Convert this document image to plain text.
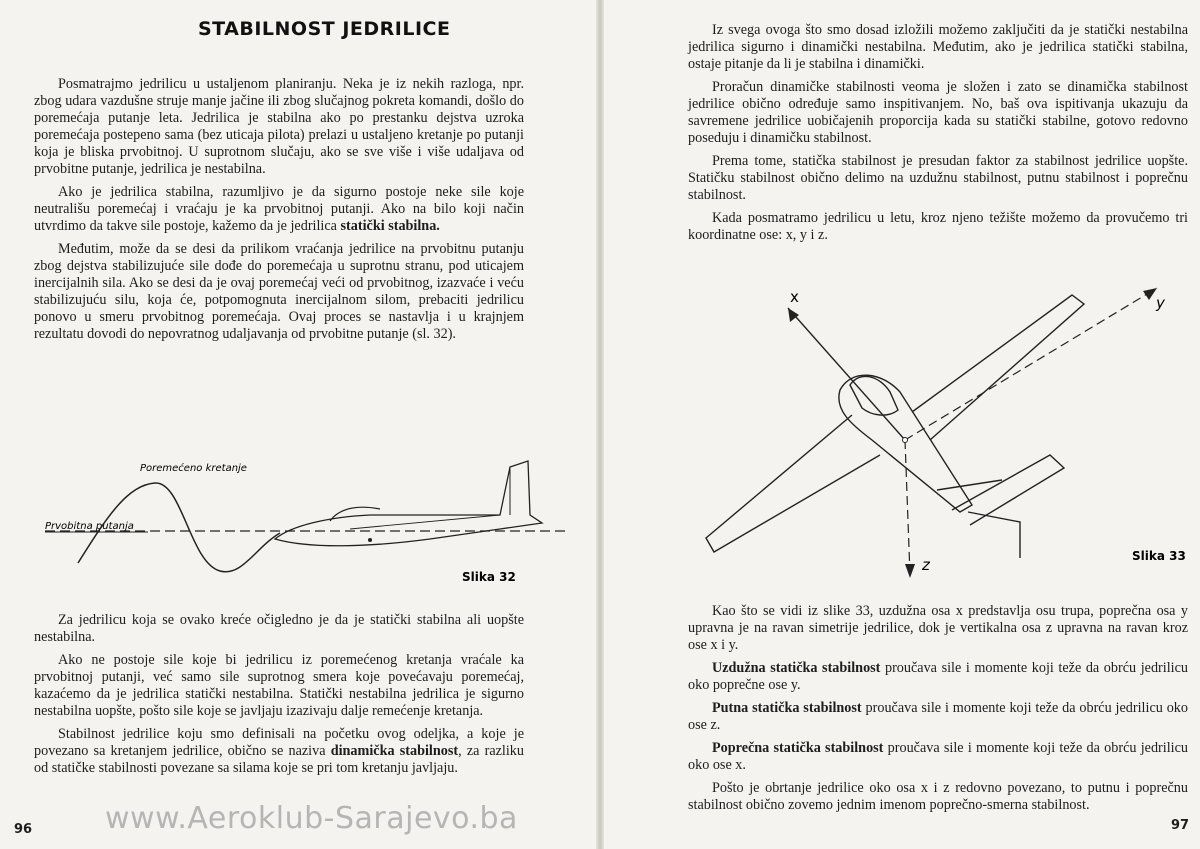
STABILNOST JEDRILICE

Posmatrajmo jedrilicu u ustaljenom planiranju. Neka je iz nekih razloga, npr. zbog udara vazdušne struje manje jačine ili zbog slučajnog pokreta komandi, došlo do poremećaja putanje leta. Jedrilica je stabilna ako po prestanku dejstva uzroka poremećaja postepeno sama (bez uticaja pilota) prelazi u ustaljeno kretanje po putanji koja je bliska prvobitnoj. U suprotnom slučaju, ako se sve više i više udaljava od prvobitne putanje, jedrilica je nestabilna.

Ako je jedrilica stabilna, razumljivo je da sigurno postoje neke sile koje neutrališu poremećaj i vraćaju je ka prvobitnoj putanji. Ako na bilo koji način utvrdimo da takve sile postoje, kažemo da je jedrilica statički stabilna.

Međutim, može da se desi da prilikom vraćanja jedrilice na prvobitnu putanju zbog dejstva stabilizujuće sile dođe do poremećaja u suprotnu stranu, pod uticajem inercijalnih sila. Ako se desi da je ovaj poremećaj veći od prvobitnog, izazvaće i veću stabilizujuću silu, koja će, potpomognuta inercijalnom silom, prebaciti jedrilicu ponovo u smeru prvobitnog poremećaja. Ovaj proces se nastavlja i u krajnjem rezultatu dovodi do nepovratnog udaljavanja od prvobitne putanje (sl. 32).

Poremećeno kretanje
Prvobitna putanja
Slika 32

Za jedrilicu koja se ovako kreće očigledno je da je statički stabilna ali uopšte nestabilna.

Ako ne postoje sile koje bi jedrilicu iz poremećenog kretanja vraćale ka prvobitnoj putanji, već samo sile suprotnog smera koje povećavaju poremećaj, kazaćemo da je jedrilica statički nestabilna. Statički nestabilna jedrilica je sigurno nestabilna uopšte, pošto sile koje se javljaju izazivaju dalje remećenje kretanja.

Stabilnost jedrilice koju smo definisali na početku ovog odeljka, a koje je povezano sa kretanjem jedrilice, obično se naziva dinamička stabilnost, za razliku od statičke stabilnosti povezane sa silama koje se pri tom kretanju javljaju.

96 www.Aeroklub-Sarajevo.ba

Iz svega ovoga što smo dosad izložili možemo zaključiti da je statički nestabilna jedrilica sigurno i dinamički nestabilna. Međutim, ako je jedrilica statički stabilna, ostaje pitanje da li je stabilna i dinamički.

Proračun dinamičke stabilnosti veoma je složen i zato se dinamička stabilnost jedrilice obično određuje samo inspitivanjem. No, baš ova ispitivanja ukazuju da savremene jedrilice uobičajenih proporcija kada su statički stabilne, gotovo redovno poseduju i dinamičku stabilnost.

Prema tome, statička stabilnost je presudan faktor za stabilnost jedrilice uopšte. Statičku stabilnost obično delimo na uzdužnu stabilnost, putnu stabilnost i poprečnu stabilnost.

Kada posmatramo jedrilicu u letu, kroz njeno težište možemo da provučemo tri koordinatne ose: x, y i z.

x	y
z	Slika 33

Kao što se vidi iz slike 33, uzdužna osa x predstavlja osu trupa, poprečna osa y upravna je na ravan simetrije jedrilice, dok je vertikalna osa z upravna na ravan kroz ose x i y.

Uzdužna statička stabilnost proučava sile i momente koji teže da obrću jedrilicu oko poprečne ose y.

Putna statička stabilnost proučava sile i momente koji teže da obrću jedrilicu oko ose z.

Poprečna statička stabilnost proučava sile i momente koji teže da obrću jedrilicu oko ose x.

Pošto je obrtanje jedrilice oko osa x i z redovno povezano, to putnu i poprečnu stabilnost obično zovemo jednim imenom poprečno-smerna stabilnost.

97
